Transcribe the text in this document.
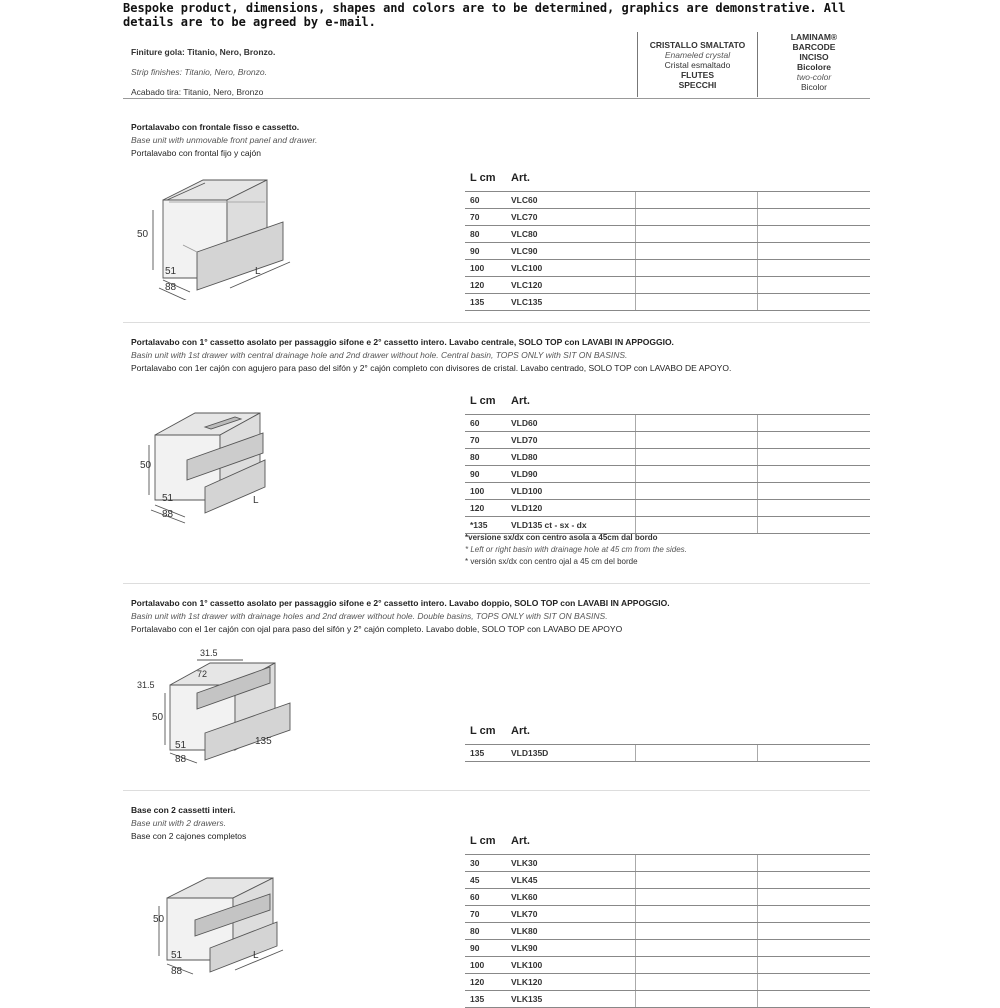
Bespoke product, dimensions, shapes and colors are to be determined, graphics are demonstrative. All details are to be agreed by e-mail.
Finiture gola: Titanio, Nero, Bronzo.
Strip finishes: Titanio, Nero, Bronzo.
Acabado tira: Titanio, Nero, Bronzo
CRISTALLO SMALTATO
Enameled crystal
Cristal esmaltado
FLUTES
SPECCHI
LAMINAM®
BARCODE
INCISO
Bicolore
two-color
Bicolor
Portalavabo con frontale fisso e cassetto.
Base unit with unmovable front panel and drawer.
Portalavabo con frontal fijo y cajón
50
51
88
L
L cm Art.
60	VLC60
70	VLC70
80	VLC80
90	VLC90
100	VLC100
120	VLC120
135	VLC135
Portalavabo con 1° cassetto asolato per passaggio sifone e 2° cassetto intero. Lavabo centrale, SOLO TOP con LAVABI IN APPOGGIO.
Basin unit with 1st drawer with central drainage hole and 2nd drawer without hole. Central basin, TOPS ONLY with SIT ON BASINS.
Portalavabo con 1er cajón con agujero para paso del sifón y 2° cajón completo con divisores de cristal. Lavabo centrado, SOLO TOP con LAVABO DE APOYO.
50
51
88
L
L cm Art.
60	VLD60
70	VLD70
80	VLD80
90	VLD90
100	VLD100
120	VLD120
*135	VLD135 ct - sx - dx
*versione sx/dx con centro asola a 45cm dal bordo
* Left or right basin with drainage hole at 45 cm from the sides.
* versión sx/dx con centro ojal a 45 cm del borde
Portalavabo con 1° cassetto asolato per passaggio sifone e 2° cassetto intero. Lavabo doppio, SOLO TOP con LAVABI IN APPOGGIO.
Basin unit with 1st drawer with drainage holes and 2nd drawer without hole. Double basins, TOPS ONLY with SIT ON BASINS.
Portalavabo con el 1er cajón con ojal para paso del sifón y 2° cajón completo. Lavabo doble, SOLO TOP con LAVABO DE APOYO
31.5
72
31.5
50
51
88
135
L cm Art.
135	VLD135D
Base con 2 cassetti interi.
Base unit with 2 drawers.
Base con 2 cajones completos
50
51
88
L
L cm Art.
30	VLK30
45	VLK45
60	VLK60
70	VLK70
80	VLK80
90	VLK90
100	VLK100
120	VLK120
135	VLK135
